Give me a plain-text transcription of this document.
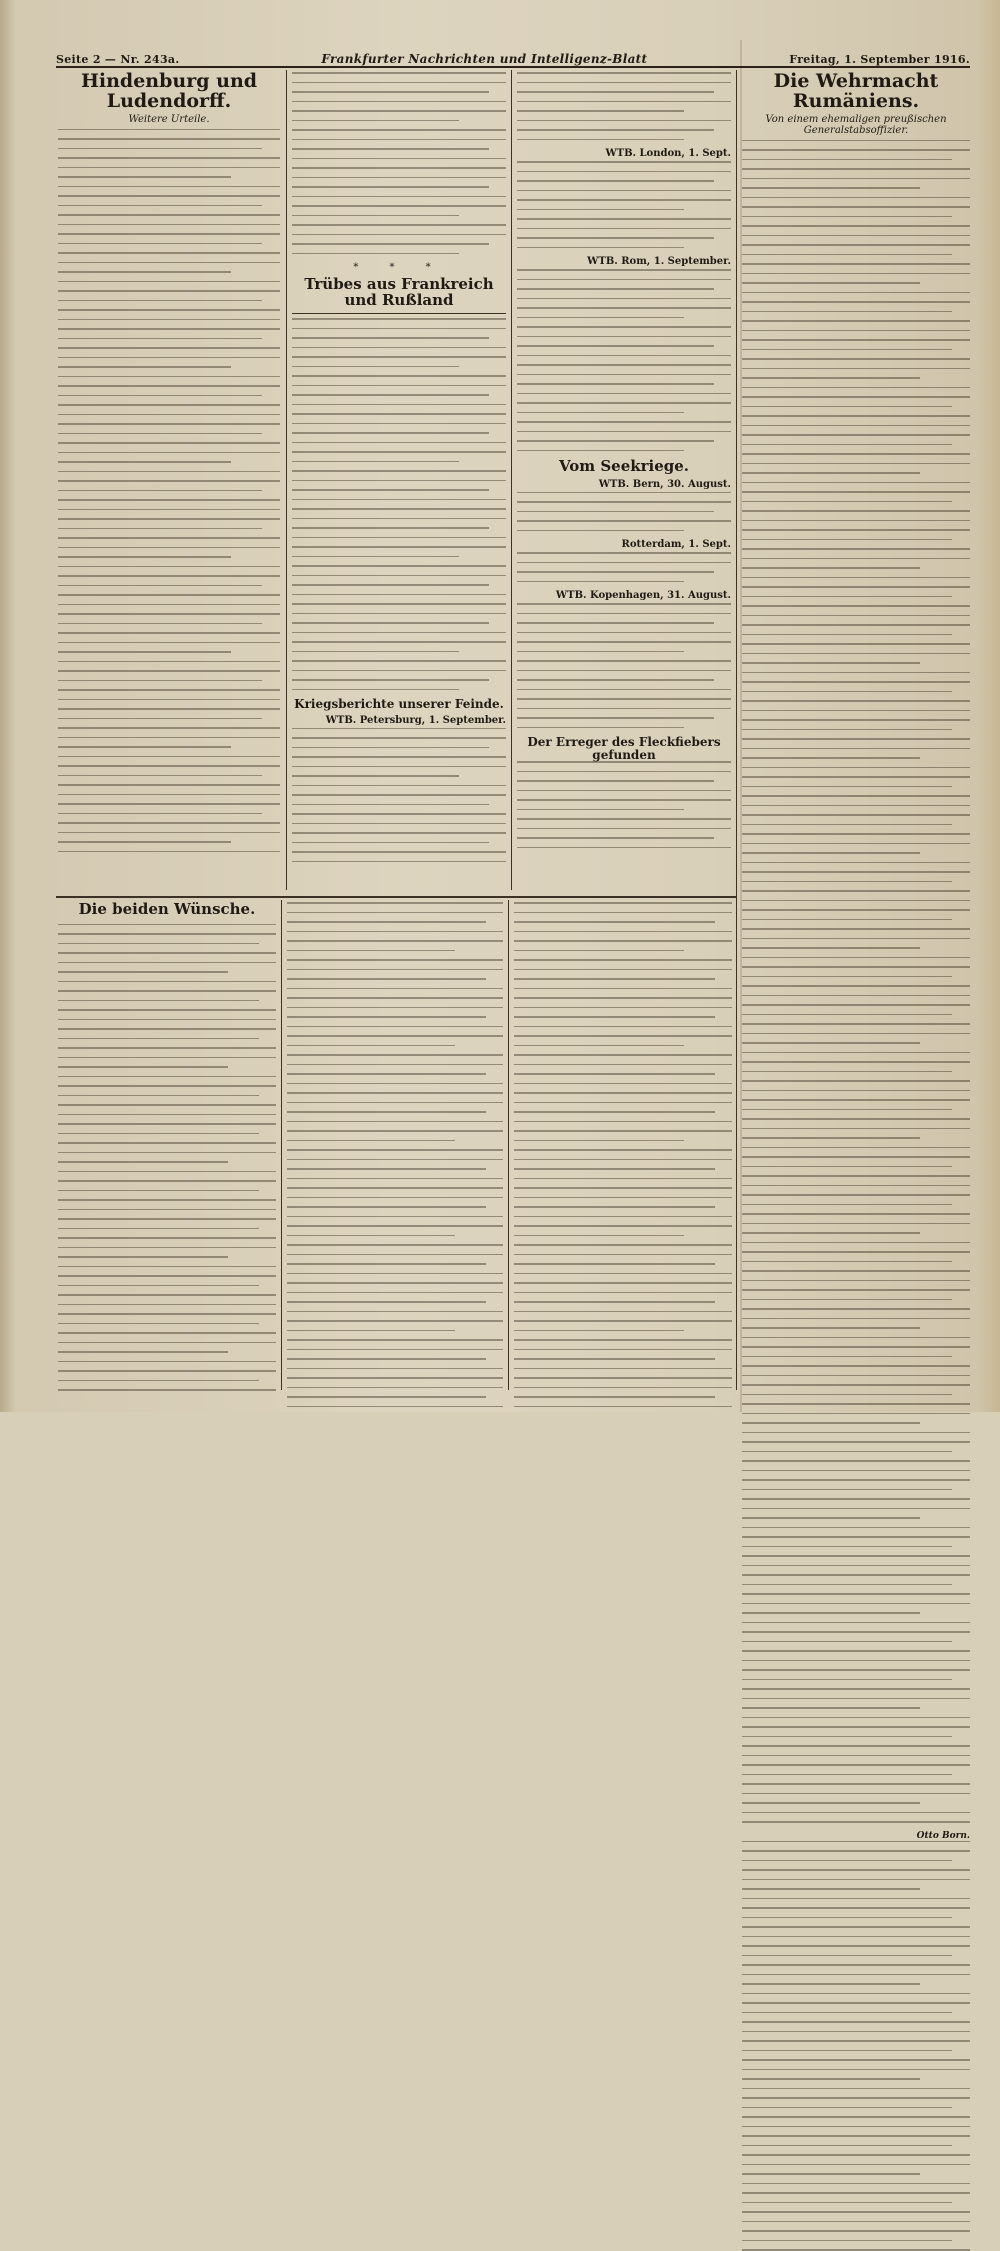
Seite 2 — Nr. 243a.	Frankfurter Nachrichten und Intelligenz-Blatt	Freitag, 1. September 1916.
Hindenburg und Ludendorff.
Weitere Urteile.
* * *
Trübes aus Frankreich und Rußland
Kriegsberichte unserer Feinde.
WTB. Petersburg, 1. September.
WTB. London, 1. Sept.
WTB. Rom, 1. September.
Vom Seekriege.
WTB. Bern, 30. August.
Rotterdam, 1. Sept.
WTB. Kopenhagen, 31. August.
Der Erreger des Fleckfiebers gefunden
Die Wehrmacht Rumäniens.
Von einem ehemaligen preußischen Generalstabsoffizier.
Otto Born.
Die beiden Wünsche.
